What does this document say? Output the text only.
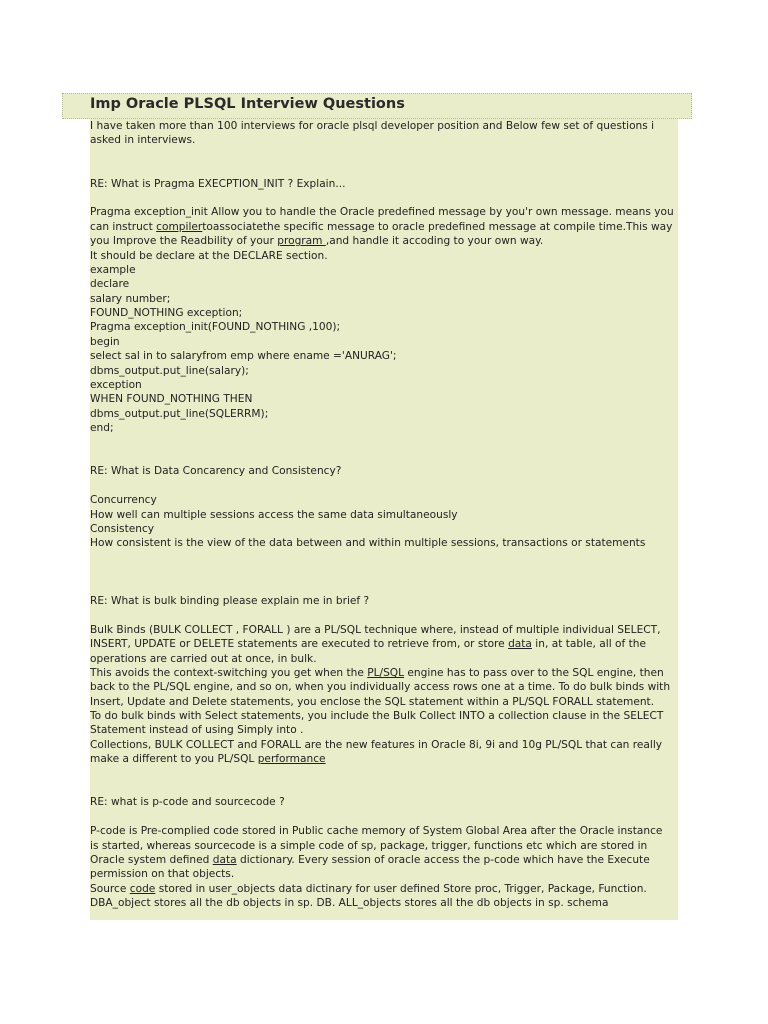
Imp Oracle PLSQL Interview Questions
I have taken more than 100 interviews for oracle plsql developer position and Below few set of questions i
asked in interviews.
RE: What is Pragma EXECPTION_INIT ? Explain...
Pragma exception_init Allow you to handle the Oracle predefined message by you'r own message. means you
can instruct compilertoassociatethe specific message to oracle predefined message at compile time.This way
you Improve the Readbility of your program ,and handle it accoding to your own way.
It should be declare at the DECLARE section.
example
declare
salary number;
FOUND_NOTHING exception;
Pragma exception_init(FOUND_NOTHING ,100);
begin
select sal in to salaryfrom emp where ename ='ANURAG';
dbms_output.put_line(salary);
exception
WHEN FOUND_NOTHING THEN
dbms_output.put_line(SQLERRM);
end;
RE: What is Data Concarency and Consistency?
Concurrency
How well can multiple sessions access the same data simultaneously
Consistency
How consistent is the view of the data between and within multiple sessions, transactions or statements
RE: What is bulk binding please explain me in brief ?
Bulk Binds (BULK COLLECT , FORALL ) are a PL/SQL technique where, instead of multiple individual SELECT,
INSERT, UPDATE or DELETE statements are executed to retrieve from, or store data in, at table, all of the
operations are carried out at once, in bulk.
This avoids the context-switching you get when the PL/SQL engine has to pass over to the SQL engine, then
back to the PL/SQL engine, and so on, when you individually access rows one at a time. To do bulk binds with
Insert, Update and Delete statements, you enclose the SQL statement within a PL/SQL FORALL statement.
To do bulk binds with Select statements, you include the Bulk Collect INTO a collection clause in the SELECT
Statement instead of using Simply into .
Collections, BULK COLLECT and FORALL are the new features in Oracle 8i, 9i and 10g PL/SQL that can really
make a different to you PL/SQL performance
RE: what is p-code and sourcecode ?
P-code is Pre-complied code stored in Public cache memory of System Global Area after the Oracle instance
is started, whereas sourcecode is a simple code of sp, package, trigger, functions etc which are stored in
Oracle system defined data dictionary. Every session of oracle access the p-code which have the Execute
permission on that objects.
Source code stored in user_objects data dictinary for user defined Store proc, Trigger, Package, Function.
DBA_object stores all the db objects in sp. DB. ALL_objects stores all the db objects in sp. schema
